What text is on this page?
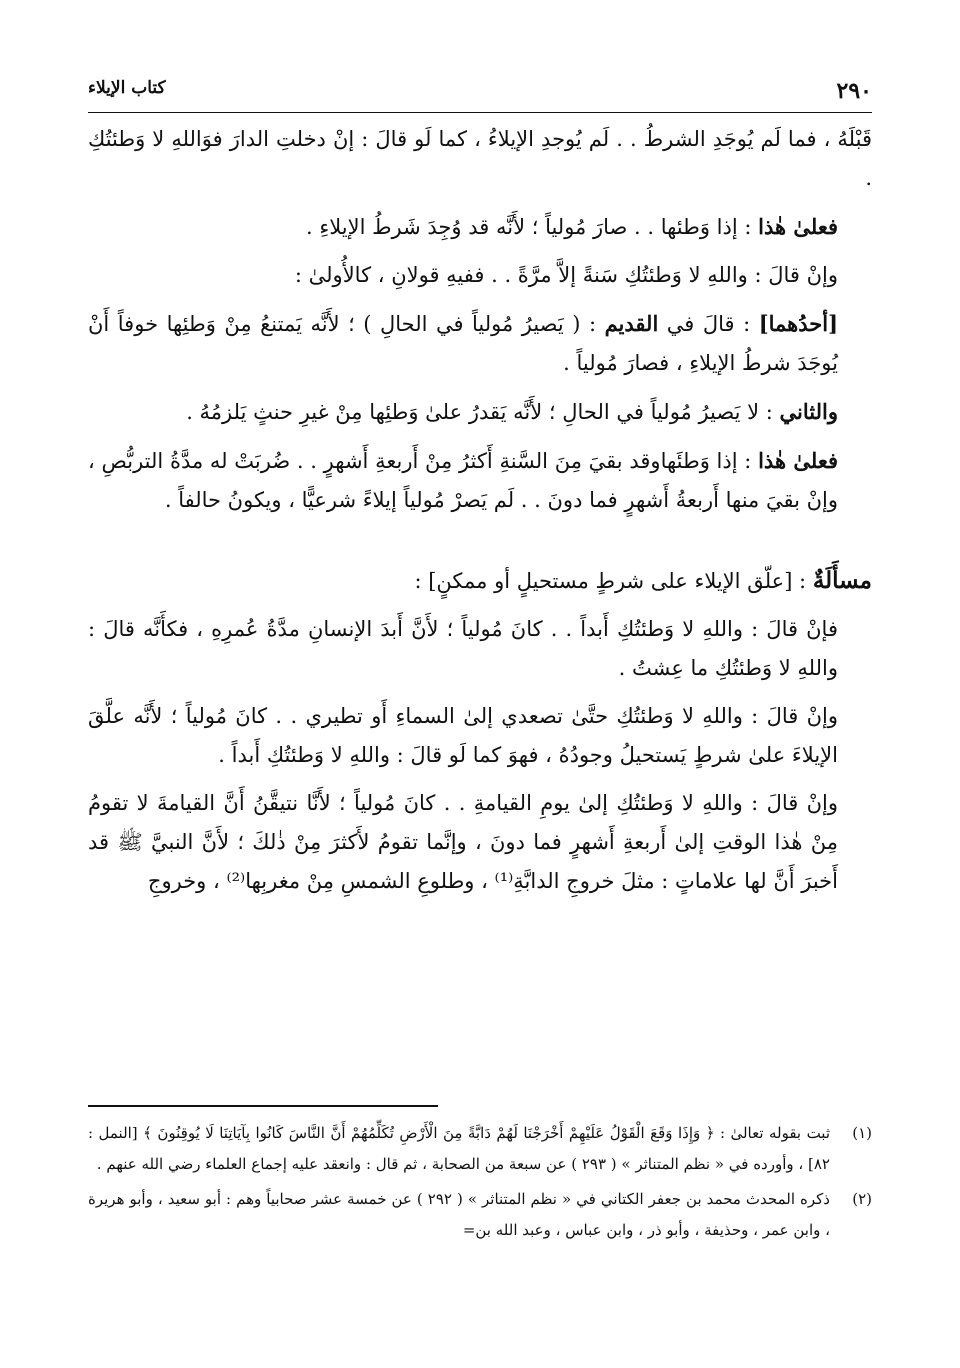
٢٩٠
كتاب الإيلاء

قَبْلَهُ ، فما لَم يُوجَدِ الشرطُ . . لَم يُوجدِ الإيلاءُ ، كما لَو قالَ : إنْ دخلتِ الدارَ فوَاللهِ لا وَطئتُكِ .

فعلىٰ هٰذا : إذا وَطئها . . صارَ مُولياً ؛ لأَنَّه قد وُجِدَ شَرطُ الإيلاءِ .

وإنْ قالَ : واللهِ لا وَطئتُكِ سَنةً إلاَّ مرَّةً . . ففيهِ قولانِ ، كالأُولىٰ :

[أحدُهما] : قالَ في القديم : ( يَصيرُ مُولياً في الحالِ ) ؛ لأَنَّه يَمتنعُ مِنْ وَطئِها خوفاً أَنْ يُوجَدَ شرطُ الإيلاءِ ، فصارَ مُولياً .

والثاني : لا يَصيرُ مُولياً في الحالِ ؛ لأَنَّه يَقدرُ علىٰ وَطئِها مِنْ غيرِ حنثٍ يَلزمُهُ .

فعلىٰ هٰذا : إذا وَطئَهاوقد بقيَ مِنَ السَّنةِ أَكثرُ مِنْ أَربعةِ أَشهرٍ . . ضُربَتْ له مدَّةُ التربُّصِ ، وإنْ بقيَ منها أَربعةُ أَشهرٍ فما دونَ . . لَم يَصرْ مُولياً إيلاءً شرعيًّا ، ويكونُ حالفاً .

مسأَلَةٌ : [علّق الإيلاء على شرطٍ مستحيلٍ أو ممكنٍ] :

فإنْ قالَ : واللهِ لا وَطئتُكِ أَبداً . . كانَ مُولياً ؛ لأَنَّ أَبدَ الإنسانِ مدَّةُ عُمرِهِ ، فكأَنَّه قالَ : واللهِ لا وَطئتُكِ ما عِشتُ .

وإنْ قالَ : واللهِ لا وَطئتُكِ حتَّىٰ تصعدي إلىٰ السماءِ أَو تطيري . . كانَ مُولياً ؛ لأَنَّه علَّقَ الإيلاءَ علىٰ شرطٍ يَستحيلُ وجودُهُ ، فهوَ كما لَو قالَ : واللهِ لا وَطئتُكِ أَبداً .

وإنْ قالَ : واللهِ لا وَطئتُكِ إلىٰ يومِ القيامةِ . . كانَ مُولياً ؛ لأَنَّا نتيقَّنُ أَنَّ القيامةَ لا تقومُ مِنْ هٰذا الوقتِ إلىٰ أَربعةِ أَشهرٍ فما دونَ ، وإنَّما تقومُ لأَكثرَ مِنْ ذٰلكَ ؛ لأَنَّ النبيَّ ﷺ قد أَخبرَ أَنَّ لها علاماتٍ : مثلَ خروجِ الدابَّةِ⁽¹⁾ ، وطلوعِ الشمسِ مِنْ مغربِها⁽²⁾ ، وخروجِ

(١)
ثبت بقوله تعالىٰ : ﴿ وَإِذَا وَقَعَ الْقَوْلُ عَلَيْهِمْ أَخْرَجْنَا لَهُمْ دَابَّةً مِنَ الْأَرْضِ تُكَلِّمُهُمْ أَنَّ النَّاسَ كَانُوا بِآيَاتِنَا لَا يُوقِنُونَ ﴾ [النمل : ٨٢] ، وأورده في « نظم المتناثر » ( ٢٩٣ ) عن سبعة من الصحابة ، ثم قال : وانعقد عليه إجماع العلماء رضي الله عنهم .
(٢)
ذكره المحدث محمد بن جعفر الكتاني في « نظم المتناثر » ( ٢٩٢ ) عن خمسة عشر صحابياً وهم : أبو سعيد ، وأبو هريرة ، وابن عمر ، وحذيفة ، وأبو ذر ، وابن عباس ، وعبد الله بن=
